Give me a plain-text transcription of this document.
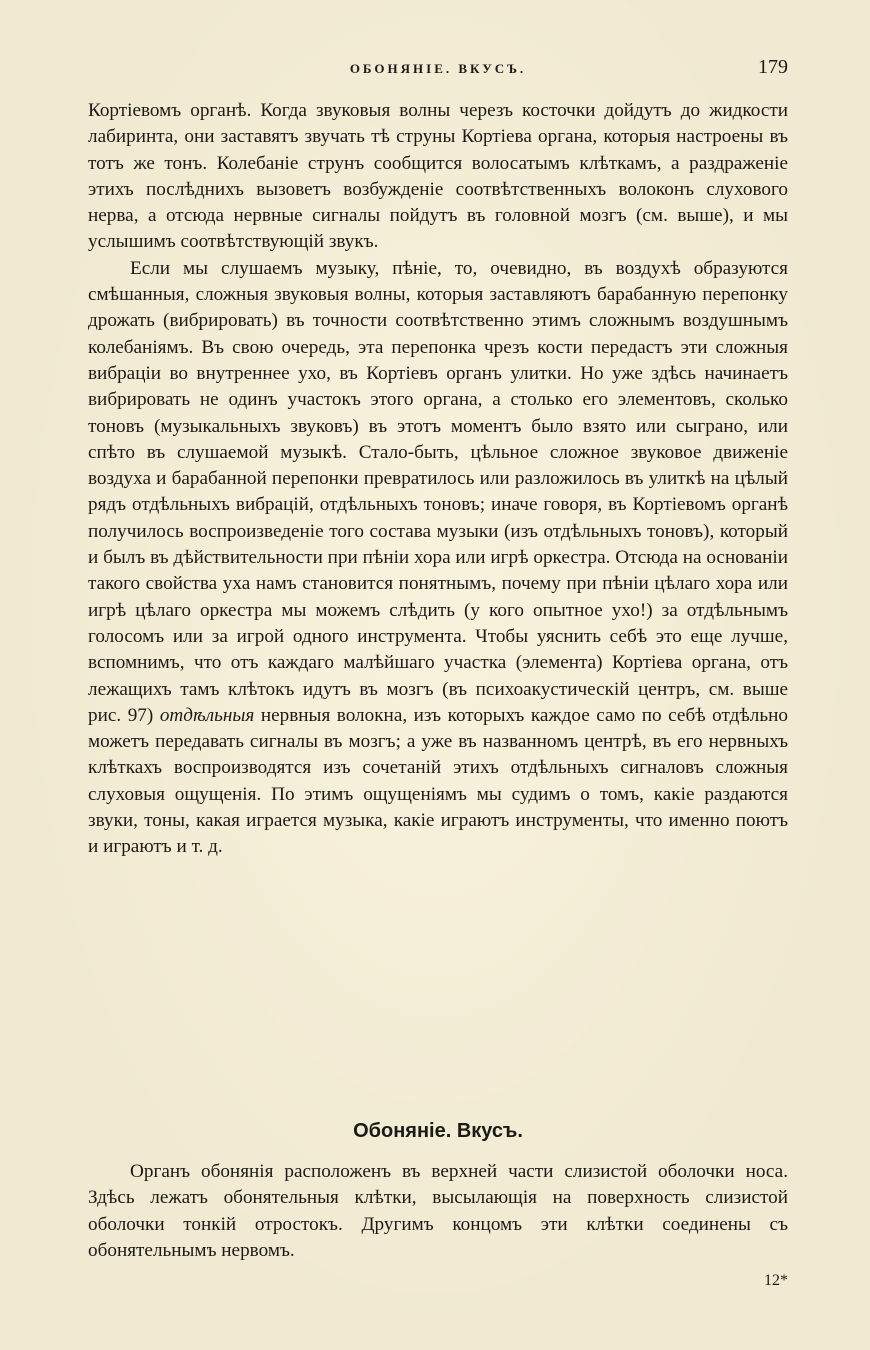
ОБОНЯНІЕ. ВКУСЪ.	179

Кортіевомъ органѣ. Когда звуковыя волны черезъ косточки дойдутъ до жидкости лабиринта, они заставятъ звучать тѣ струны Кортіева органа, которыя настроены въ тотъ же тонъ. Колебаніе струнъ сообщится волосатымъ клѣткамъ, а раздраженіе этихъ послѣднихъ вызоветъ возбужденіе соотвѣтственныхъ волоконъ слухового нерва, а отсюда нервные сигналы пойдутъ въ головной мозгъ (см. выше), и мы услышимъ соотвѣтствующій звукъ.

Если мы слушаемъ музыку, пѣніе, то, очевидно, въ воздухѣ образуются смѣшанныя, сложныя звуковыя волны, которыя заставляютъ барабанную перепонку дрожать (вибрировать) въ точности соотвѣтственно этимъ сложнымъ воздушнымъ колебаніямъ. Въ свою очередь, эта перепонка чрезъ кости передастъ эти сложныя вибраціи во внутреннее ухо, въ Кортіевъ органъ улитки. Но уже здѣсь начинаетъ вибрировать не одинъ участокъ этого органа, а столько его элементовъ, сколько тоновъ (музыкальныхъ звуковъ) въ этотъ моментъ было взято или сыграно, или спѣто въ слушаемой музыкѣ. Стало-быть, цѣльное сложное звуковое движеніе воздуха и барабанной перепонки превратилось или разложилось въ улиткѣ на цѣлый рядъ отдѣльныхъ вибрацій, отдѣльныхъ тоновъ; иначе говоря, въ Кортіевомъ органѣ получилось воспроизведеніе того состава музыки (изъ отдѣльныхъ тоновъ), который и былъ въ дѣйствительности при пѣніи хора или игрѣ оркестра. Отсюда на основаніи такого свойства уха намъ становится понятнымъ, почему при пѣніи цѣлаго хора или игрѣ цѣлаго оркестра мы можемъ слѣдить (у кого опытное ухо!) за отдѣльнымъ голосомъ или за игрой одного инструмента. Чтобы уяснить себѣ это еще лучше, вспомнимъ, что отъ каждаго малѣйшаго участка (элемента) Кортіева органа, отъ лежащихъ тамъ клѣтокъ идутъ въ мозгъ (въ психоакустическій центръ, см. выше рис. 97) отдѣльныя нервныя волокна, изъ которыхъ каждое само по себѣ отдѣльно можетъ передавать сигналы въ мозгъ; а уже въ названномъ центрѣ, въ его нервныхъ клѣткахъ воспроизводятся изъ сочетаній этихъ отдѣльныхъ сигналовъ сложныя слуховыя ощущенія. По этимъ ощущеніямъ мы судимъ о томъ, какіе раздаются звуки, тоны, какая играется музыка, какіе играютъ инструменты, что именно поютъ и играютъ и т. д.

Обоняніе. Вкусъ.

Органъ обонянія расположенъ въ верхней части слизистой оболочки носа. Здѣсь лежатъ обонятельныя клѣтки, высылающія на поверхность слизистой оболочки тонкій отростокъ. Другимъ концомъ эти клѣтки соединены съ обонятельнымъ нервомъ.

12*
